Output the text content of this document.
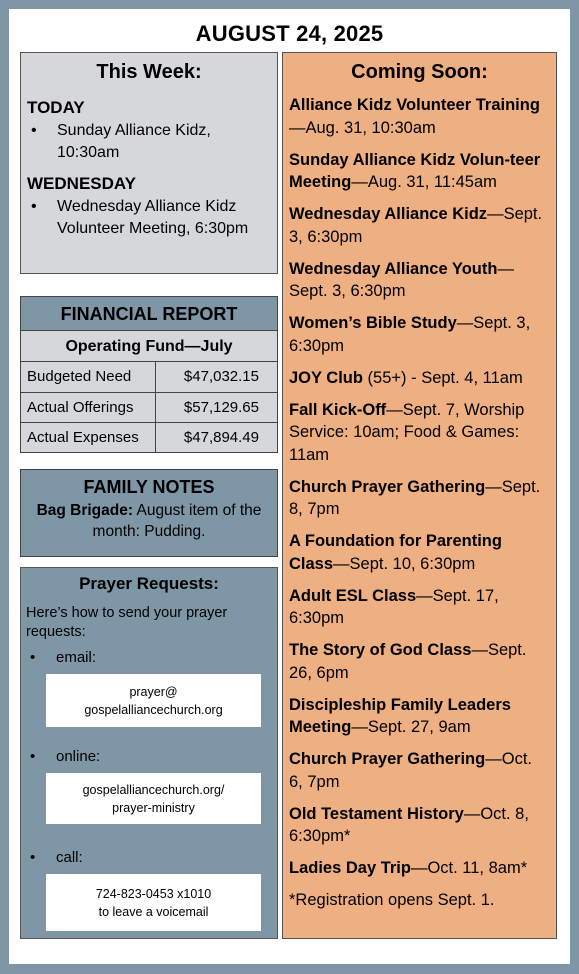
AUGUST 24, 2025
This Week:
TODAY
• Sunday Alliance Kidz, 10:30am
WEDNESDAY
• Wednesday Alliance Kidz Volunteer Meeting, 6:30pm
FINANCIAL REPORT
Operating Fund—July
Budgeted Need	$47,032.15
Actual Offerings	$57,129.65
Actual Expenses	$47,894.49
FAMILY NOTES
Bag Brigade: August item of the month: Pudding.
Prayer Requests:
Here’s how to send your prayer requests:
• email:
prayer@
gospelalliancechurch.org
• online:
gospelalliancechurch.org/
prayer-ministry
• call:
724-823-0453 x1010
to leave a voicemail
Coming Soon:
Alliance Kidz Volunteer Training—Aug. 31, 10:30am
Sunday Alliance Kidz Volun-teer Meeting—Aug. 31, 11:45am
Wednesday Alliance Kidz—Sept. 3, 6:30pm
Wednesday Alliance Youth—Sept. 3, 6:30pm
Women’s Bible Study—Sept. 3, 6:30pm
JOY Club (55+) - Sept. 4, 11am
Fall Kick-Off—Sept. 7, Worship Service: 10am; Food & Games: 11am
Church Prayer Gathering—Sept. 8, 7pm
A Foundation for Parenting Class—Sept. 10, 6:30pm
Adult ESL Class—Sept. 17, 6:30pm
The Story of God Class—Sept. 26, 6pm
Discipleship Family Leaders Meeting—Sept. 27, 9am
Church Prayer Gathering—Oct. 6, 7pm
Old Testament History—Oct. 8, 6:30pm*
Ladies Day Trip—Oct. 11, 8am*
*Registration opens Sept. 1.
